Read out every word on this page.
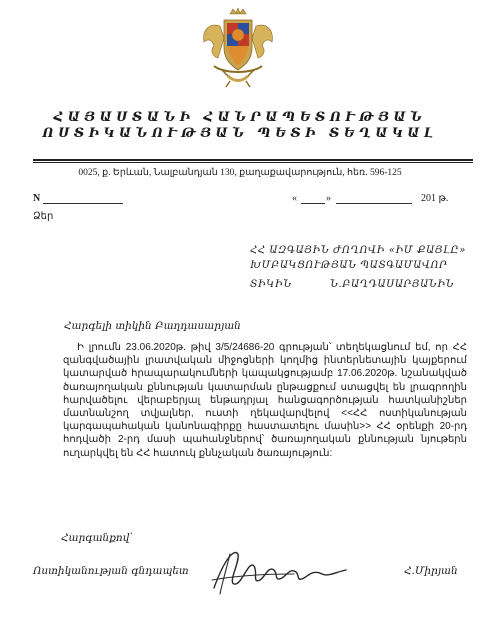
ՀԱՅԱՍՏԱՆԻ ՀԱՆՐԱՊԵՏՈՒԹՅԱՆ
ՈՍՏԻԿԱՆՈՒԹՅԱՆ ՊԵՏԻ ՏԵՂԱԿԱԼ
0025, ք. Երևան, Նալբանդյան 130, քաղաքավարություն, հեռ. 596-125
N	«	»	201 թ.
Ձեր
ՀՀ ԱԶԳԱՅԻՆ ԺՈՂՈՎԻ «ԻՄ ՔԱՅԼԸ»
ԽՄԲԱԿՑՈՒԹՅԱՆ ՊԱՏԳԱՄԱՎՈՐ
ՏԻԿԻՆ	Ն.ԲԱՂԴԱՍԱՐՅԱՆԻՆ
Հարգելի տիկին Բաղդասարյան
Ի լրումն 23.06.2020թ. թիվ 3/5/24686-20 գրության՝ տեղեկացնում եմ, որ ՀՀ զանգվածային լրատվական միջոցների կողմից ինտերնետային կայքերում կատարված հրապարակումների կապակցությամբ 17.06.2020թ. նշանակված ծառայողական քննության կատարման ընթացքում ստացվել են լրագրողին հարվածելու վերաբերյալ ենթադրյալ հանցագործության հատկանիշներ մատնանշող տվյալներ, ուստի ղեկավարվելով <<ՀՀ ոստիկանության կարգապահական կանոնագիրքը հաստատելու մասին>> ՀՀ օրենքի 20-րդ հոդվածի 2-րդ մասի պահանջներով՝ ծառայողական քննության նյութերն ուղարկվել են ՀՀ հատուկ քննչական ծառայություն:
Հարգանքով՝
Ոստիկանության գնդապետ	Հ.Միրյան
